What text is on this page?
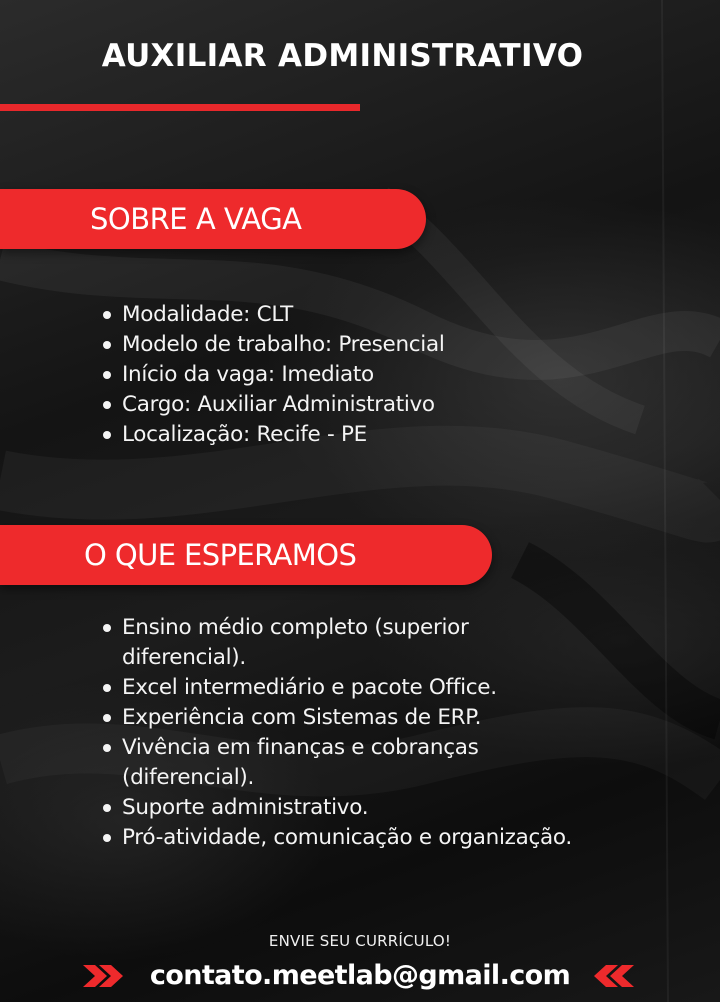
AUXILIAR ADMINISTRATIVO
SOBRE A VAGA
Modalidade: CLT
Modelo de trabalho: Presencial
Início da vaga: Imediato
Cargo: Auxiliar Administrativo
Localização: Recife - PE
O QUE ESPERAMOS
Ensino médio completo (superior diferencial).
Excel intermediário e pacote Office.
Experiência com Sistemas de ERP.
Vivência em finanças e cobranças (diferencial).
Suporte administrativo.
Pró-atividade, comunicação e organização.
ENVIE SEU CURRÍCULO!
contato.meetlab@gmail.com
